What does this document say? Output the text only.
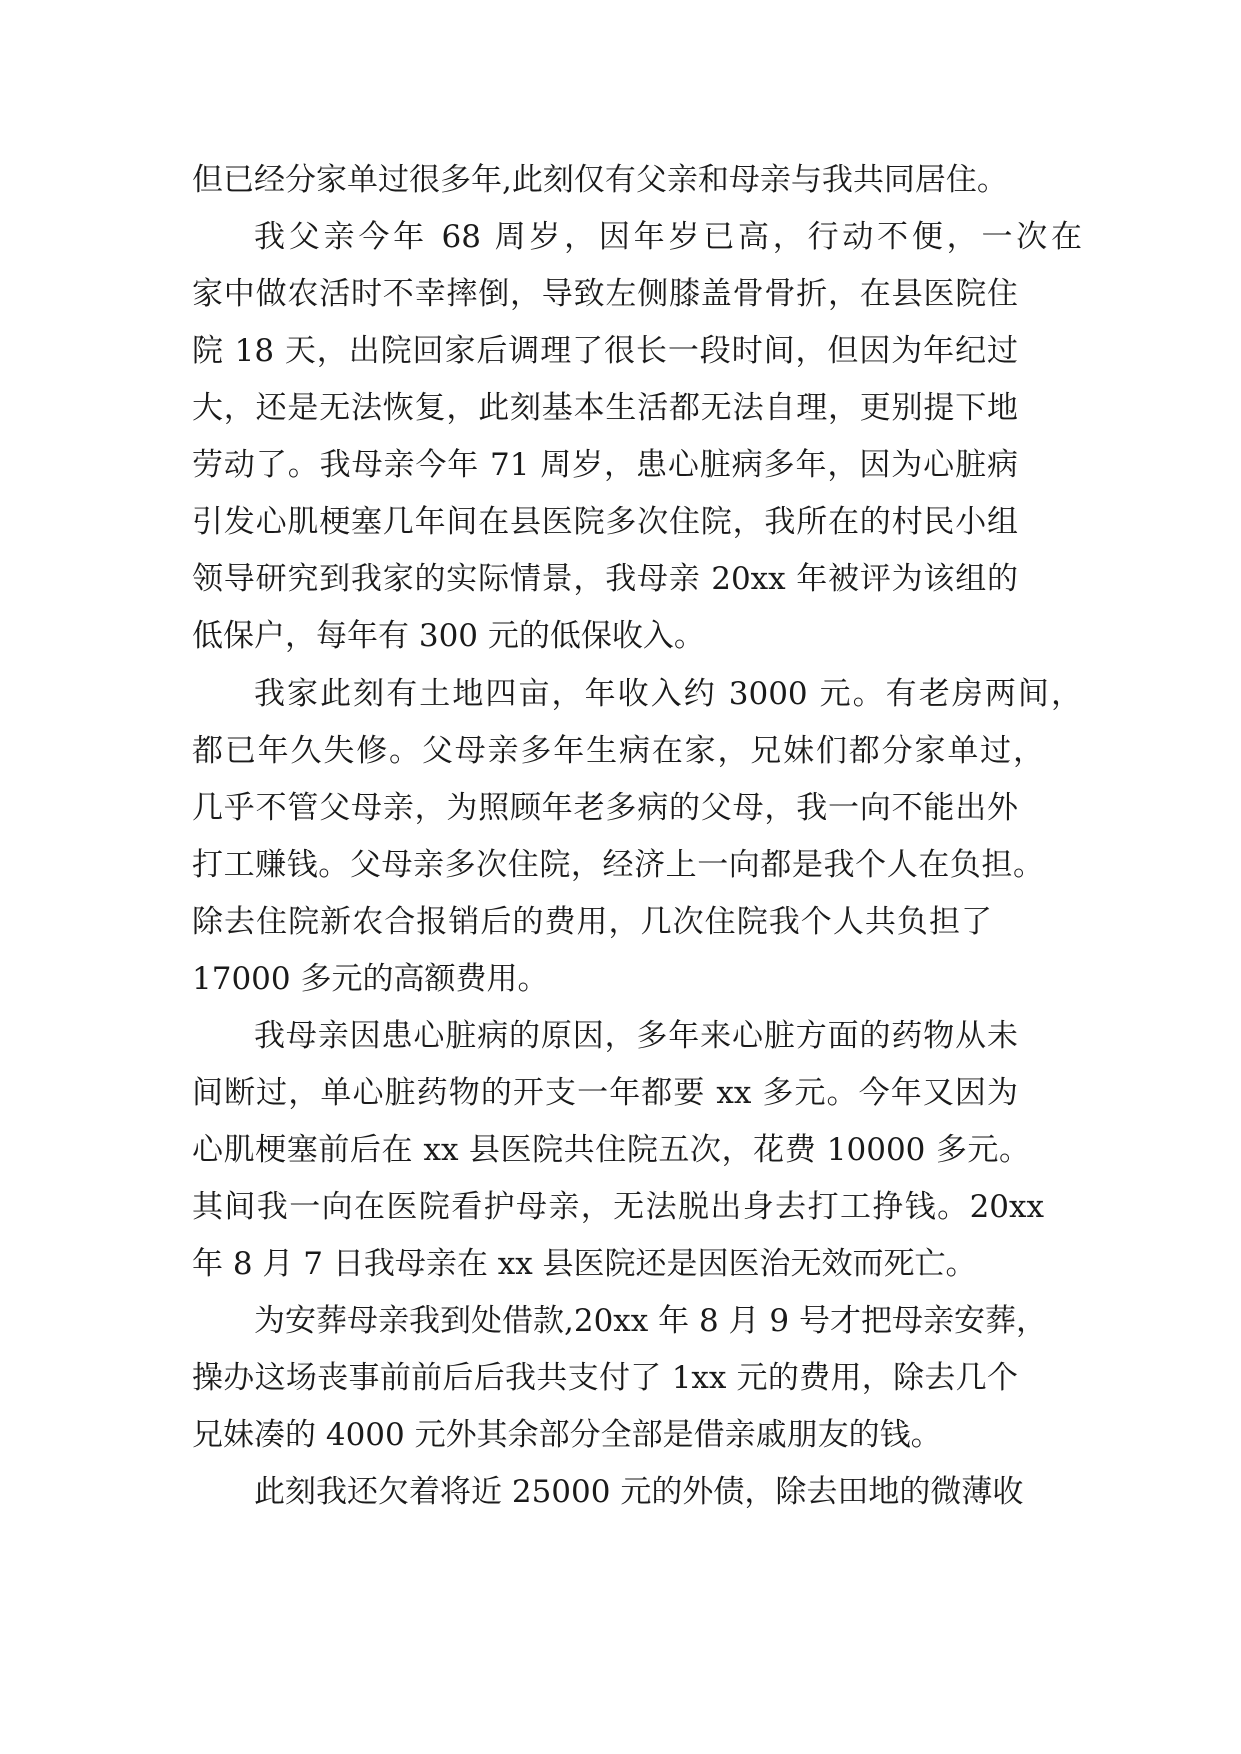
但已经分家单过很多年,此刻仅有父亲和母亲与我共同居住。
我父亲今年 68 周岁，因年岁已高，行动不便，一次在
家中做农活时不幸摔倒，导致左侧膝盖骨骨折，在县医院住
院 18 天，出院回家后调理了很长一段时间，但因为年纪过
大，还是无法恢复，此刻基本生活都无法自理，更别提下地
劳动了。我母亲今年 71 周岁，患心脏病多年，因为心脏病
引发心肌梗塞几年间在县医院多次住院，我所在的村民小组
领导研究到我家的实际情景，我母亲 20xx 年被评为该组的
低保户，每年有 300 元的低保收入。
我家此刻有土地四亩，年收入约 3000 元。有老房两间，
都已年久失修。父母亲多年生病在家，兄妹们都分家单过，
几乎不管父母亲，为照顾年老多病的父母，我一向不能出外
打工赚钱。父母亲多次住院，经济上一向都是我个人在负担。
除去住院新农合报销后的费用，几次住院我个人共负担了
17000 多元的高额费用。
我母亲因患心脏病的原因，多年来心脏方面的药物从未
间断过，单心脏药物的开支一年都要 xx 多元。今年又因为
心肌梗塞前后在 xx 县医院共住院五次，花费 10000 多元。
其间我一向在医院看护母亲，无法脱出身去打工挣钱。20xx
年 8 月 7 日我母亲在 xx 县医院还是因医治无效而死亡。
为安葬母亲我到处借款,20xx 年 8 月 9 号才把母亲安葬，
操办这场丧事前前后后我共支付了 1xx 元的费用，除去几个
兄妹凑的 4000 元外其余部分全部是借亲戚朋友的钱。
此刻我还欠着将近 25000 元的外债，除去田地的微薄收
